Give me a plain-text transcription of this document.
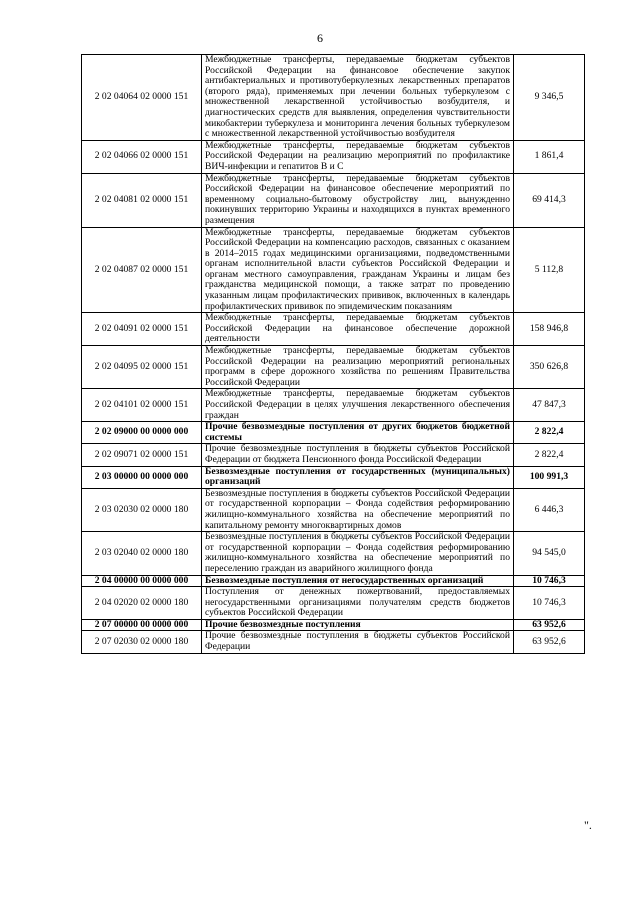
6
2 02 04064 02 0000 151	Межбюджетные трансферты, передаваемые бюджетам субъектов Российской Федерации на финансовое обеспечение закупок антибактериальных и противотуберкулезных лекарственных препаратов (второго ряда), применяемых при лечении больных туберкулезом с множественной лекарственной устойчивостью возбудителя, и диагностических средств для выявления, определения чувствительности микобактерии туберкулеза и мониторинга лечения больных туберкулезом с множественной лекарственной устойчивостью возбудителя	9 346,5
2 02 04066 02 0000 151	Межбюджетные трансферты, передаваемые бюджетам субъектов Российской Федерации на реализацию мероприятий по профилактике ВИЧ-инфекции и гепатитов В и С	1 861,4
2 02 04081 02 0000 151	Межбюджетные трансферты, передаваемые бюджетам субъектов Российской Федерации на финансовое обеспечение мероприятий по временному социально-бытовому обустройству лиц, вынужденно покинувших территорию Украины и находящихся в пунктах временного размещения	69 414,3
2 02 04087 02 0000 151	Межбюджетные трансферты, передаваемые бюджетам субъектов Российской Федерации на компенсацию расходов, связанных с оказанием в 2014–2015 годах медицинскими организациями, подведомственными органам исполнительной власти субъектов Российской Федерации и органам местного самоуправления, гражданам Украины и лицам без гражданства медицинской помощи, а также затрат по проведению указанным лицам профилактических прививок, включенных в календарь профилактических прививок по эпидемическим показаниям	5 112,8
2 02 04091 02 0000 151	Межбюджетные трансферты, передаваемые бюджетам субъектов Российской Федерации на финансовое обеспечение дорожной деятельности	158 946,8
2 02 04095 02 0000 151	Межбюджетные трансферты, передаваемые бюджетам субъектов Российской Федерации на реализацию мероприятий региональных программ в сфере дорожного хозяйства по решениям Правительства Российской Федерации	350 626,8
2 02 04101 02 0000 151	Межбюджетные трансферты, передаваемые бюджетам субъектов Российской Федерации в целях улучшения лекарственного обеспечения граждан	47 847,3
2 02 09000 00 0000 000	Прочие безвозмездные поступления от других бюджетов бюджетной системы	2 822,4
2 02 09071 02 0000 151	Прочие безвозмездные поступления в бюджеты субъектов Российской Федерации от бюджета Пенсионного фонда Российской Федерации	2 822,4
2 03 00000 00 0000 000	Безвозмездные поступления от государственных (муниципальных) организаций	100 991,3
2 03 02030 02 0000 180	Безвозмездные поступления в бюджеты субъектов Российской Федерации от государственной корпорации – Фонда содействия реформированию жилищно-коммунального хозяйства на обеспечение мероприятий по капитальному ремонту многоквартирных домов	6 446,3
2 03 02040 02 0000 180	Безвозмездные поступления в бюджеты субъектов Российской Федерации от государственной корпорации – Фонда содействия реформированию жилищно-коммунального хозяйства на обеспечение мероприятий по переселению граждан из аварийного жилищного фонда	94 545,0
2 04 00000 00 0000 000	Безвозмездные поступления от негосударственных организаций	10 746,3
2 04 02020 02 0000 180	Поступления от денежных пожертвований, предоставляемых негосударственными организациями получателям средств бюджетов субъектов Российской Федерации	10 746,3
2 07 00000 00 0000 000	Прочие безвозмездные поступления	63 952,6
2 07 02030 02 0000 180	Прочие безвозмездные поступления в бюджеты субъектов Российской Федерации	63 952,6
".
